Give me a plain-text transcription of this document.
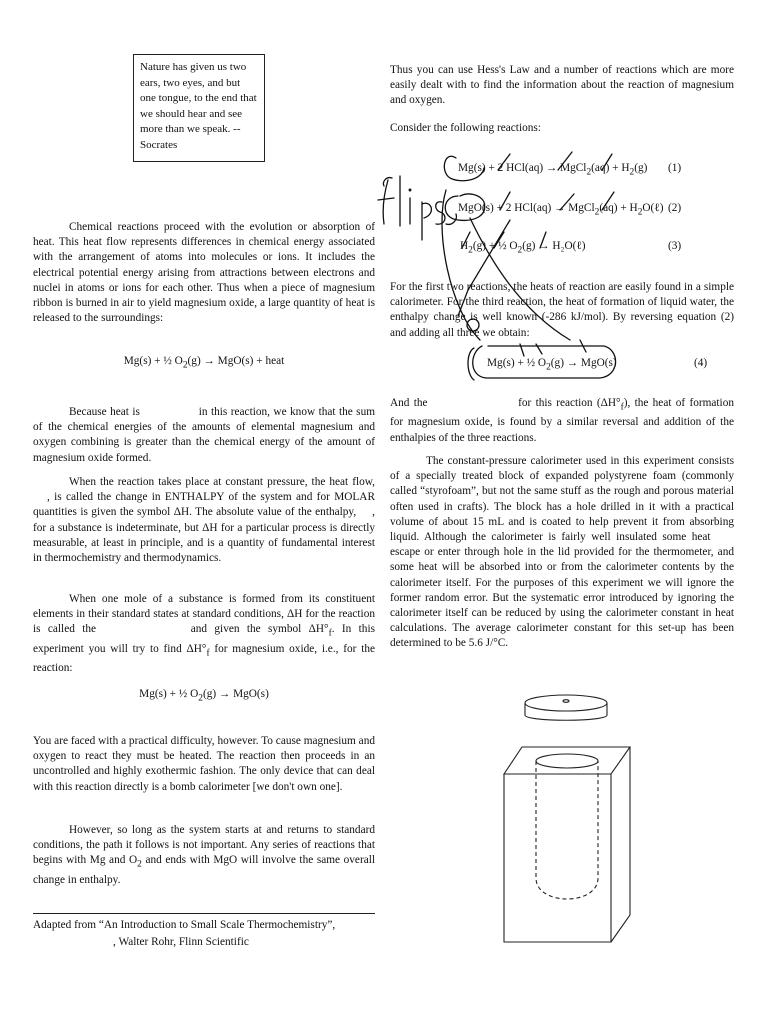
Nature has given us two ears, two eyes, and but one tongue, to the end that we should hear and see more than we speak. --Socrates

Chemical reactions proceed with the evolution or absorption of heat. This heat flow represents differences in chemical energy associated with the arrangement of atoms into molecules or ions. It includes the electrical potential energy arising from attractions between electrons and nuclei in atoms or ions for each other. Thus when a piece of magnesium ribbon is burned in air to yield magnesium oxide, a large quantity of heat is released to the surroundings:

Mg(s) + ½ $O_2(g) \to MgO(s)$ + heat

Because heat is	in this reaction, we know that the sum of the chemical energies of the amounts of elemental magnesium and oxygen combining is greater than the chemical energy of the amount of magnesium oxide formed.

When the reaction takes place at constant pressure, the heat flow,, is called the change in ENTHALPY of the system and for MOLAR quantities is given the symbol ΔH. The absolute value of the enthalpy, , for a substance is indeterminate, but ΔH for a particular process is directly measurable, at least in principle, and is a quantity of fundamental interest in thermochemistry and thermodynamics.

When one mole of a substance is formed from its constituent elements in their standard states at standard conditions, ΔH for the reaction is called the	and given the symbol $\Delta H^\circ_f$. In this experiment you will try to find $\Delta H^\circ_f$ for magnesium oxide, i.e., for the reaction:

Mg(s) + ½ $O_2(g) \to MgO(s)$

You are faced with a practical difficulty, however. To cause magnesium and oxygen to react they must be heated. The reaction then proceeds in an uncontrolled and highly exothermic fashion. The only device that can deal with this reaction directly is a bomb calorimeter [we don't own one].

However, so long as the system starts at and returns to standard conditions, the path it follows is not important. Any series of reactions that begins with Mg and $O_2$ and ends with MgO will involve the same overall change in enthalpy.

Adapted from “An Introduction to Small Scale Thermochemistry”,
, Walter Rohr, Flinn Scientific

Thus you can use Hess's Law and a number of reactions which are more easily dealt with to find the information about the reaction of magnesium and oxygen.

Consider the following reactions:

Mg(s) + 2 HCl(aq) → MgCl$_2$(aq) + $H_2(g)$ (1)
MgO(s) + 2 HCl(aq) → MgCl$_2$(aq) + $H_2O(\ell)$ (2)
$H_2(g)$ + ½ $O_2(g)$ → H₂O(ℓ)	(3)

For the first two reactions, the heats of reaction are easily found in a simple calorimeter. For the third reaction, the heat of formation of liquid water, the enthalpy change is well known (-286 kJ/mol). By reversing equation (2) and adding all three we obtain:

Mg(s) + ½ $O_2(g) \to MgO(s)$	(4)

And the	for this reaction $(\Delta H^\circ_f)$, the heat of formation for magnesium oxide, is found by a similar reversal and addition of the enthalpies of the three reactions.

The constant-pressure calorimeter used in this experiment consists of a specially treated block of expanded polystyrene foam (commonly called “styrofoam”, but not the same stuff as the rough and porous material often used in crafts). The block has a hole drilled in it with a practical volume of about 15 mL and is coated to help prevent it from absorbing liquid. Although the calorimeter is fairly well insulated some heat  escape or enter through hole in the lid provided for the thermometer, and some heat will be absorbed into or from the calorimeter contents by the calorimeter itself. For the purposes of this experiment we will ignore the former random error. But the systematic error introduced by ignoring the calorimeter itself can be reduced by using the calorimeter constant in heat calculations. The average calorimeter constant for this set-up has been determined to be 5.6 J/°C.
